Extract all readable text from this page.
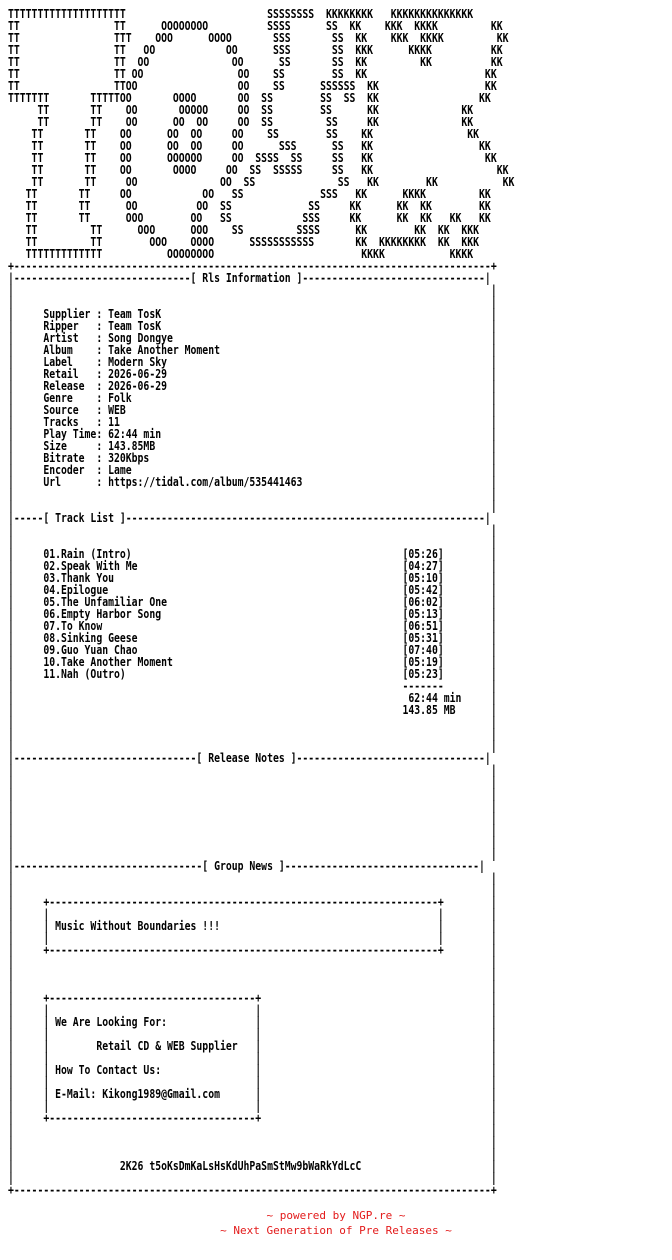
TTTTTTTTTTTTTTTTTTTT                        SSSSSSSS  KKKKKKKK   KKKKKKKKKKKKKK
TT                TT      OOOOOOOO          SSSS      SS  KK    KKK  KKKK         KK
TT                TTT    OOO      OOOO       SSS       SS  KK    KKK  KKKK         KK
TT                TT   OO            OO      SSS       SS  KKK      KKKK          KK
TT                TT  OO              OO      SS       SS  KK         KK          KK
TT                TT OO                OO    SS        SS  KK                    KK
TT                TTOO                 OO    SS      SSSSSS  KK                  KK
TTTTTTT       TTTTTOO       OOOO       OO  SS        SS  SS  KK                 KK
TT       TT    OO       OOOOO     OO  SS        SS      KK              KK
TT       TT    OO      OO  OO     OO  SS         SS     KK              KK
TT       TT    OO      OO  OO     OO    SS        SS    KK                KK
TT       TT    OO      OO  OO     OO      SSS      SS   KK                  KK
TT       TT    OO      OOOOOO     OO  SSSS  SS     SS   KK                   KK
TT       TT    OO       OOOO     OO  SS  SSSSS     SS   KK                     KK
TT       TT     OO              OO  SS              SS   KK        KK           KK
TT       TT     OO            OO   SS             SSS   KK      KKKK         KK
TT       TT      OO          OO  SS             SS     KK      KK  KK        KK
TT       TT      OOO        OO   SS            SSS     KK      KK  KK   KK   KK
TT         TT      OOO      OOO    SS         SSSS      KK        KK  KK  KKK
TT         TT        OOO    OOOO      SSSSSSSSSSS       KK  KKKKKKKK  KK  KKK
TTTTTTTTTTTTT           OOOOOOOO                         KKKK           KKKK
+---------------------------------------------------------------------------------+
|------------------------------[ Rls Information ]-------------------------------|
|                                                                                 |
|                                                                                 |
|     Supplier : Team TosK                                                        |
|     Ripper   : Team TosK                                                        |
|     Artist   : Song Dongye                                                      |
|     Album    : Take Another Moment                                              |
|     Label    : Modern Sky                                                       |
|     Retail   : 2026-06-29                                                       |
|     Release  : 2026-06-29                                                       |
|     Genre    : Folk                                                             |
|     Source   : WEB                                                              |
|     Tracks   : 11                                                               |
|     Play Time: 62:44 min                                                        |
|     Size     : 143.85MB                                                         |
|     Bitrate  : 320Kbps                                                          |
|     Encoder  : Lame                                                             |
|     Url      : https://tidal.com/album/535441463                                |
|                                                                                 |
|                                                                                 |
|-----[ Track List ]-------------------------------------------------------------|
|                                                                                 |
|                                                                                 |
|     01.Rain (Intro)                                              [05:26]        |
|     02.Speak With Me                                             [04:27]        |
|     03.Thank You                                                 [05:10]        |
|     04.Epilogue                                                  [05:42]        |
|     05.The Unfamiliar One                                        [06:02]        |
|     06.Empty Harbor Song                                         [05:13]        |
|     07.To Know                                                   [06:51]        |
|     08.Sinking Geese                                             [05:31]        |
|     09.Guo Yuan Chao                                             [07:40]        |
|     10.Take Another Moment                                       [05:19]        |
|     11.Nah (Outro)                                               [05:23]        |
|                                                                  -------        |
|                                                                   62:44 min     |
|                                                                  143.85 MB      |
|                                                                                 |
|                                                                                 |
|                                                                                 |
|-------------------------------[ Release Notes ]--------------------------------|
|                                                                                 |
|                                                                                 |
|                                                                                 |
|                                                                                 |
|                                                                                 |
|                                                                                 |
|                                                                                 |
|                                                                                 |
|--------------------------------[ Group News ]---------------------------------|
|                                                                                 |
|                                                                                 |
|     +------------------------------------------------------------------+        |
|     |                                                                  |        |
|     | Music Without Boundaries !!!                                     |        |
|     |                                                                  |        |
|     +------------------------------------------------------------------+        |
|                                                                                 |
|                                                                                 |
|                                                                                 |
|     +-----------------------------------+                                       |
|     |                                   |                                       |
|     | We Are Looking For:               |                                       |
|     |                                   |                                       |
|     |        Retail CD & WEB Supplier   |                                       |
|     |                                   |                                       |
|     | How To Contact Us:                |                                       |
|     |                                   |                                       |
|     | E-Mail: Kikong1989@Gmail.com      |                                       |
|     |                                   |                                       |
|     +-----------------------------------+                                       |
|                                                                                 |
|                                                                                 |
|                                                                                 |
|                  2K26 t5oKsDmKaLsHsKdUhPaSmStMw9bWaRkYdLcC                      |
|                                                                                 |
+---------------------------------------------------------------------------------+

~ powered by NGP.re ~
~ Next Generation of Pre Releases ~
